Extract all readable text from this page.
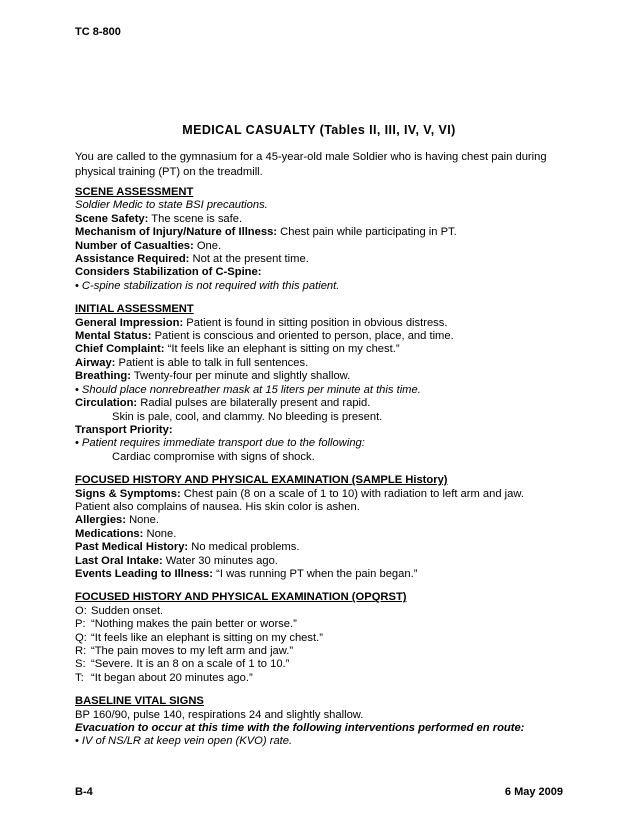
TC 8-800
MEDICAL CASUALTY (Tables II, III, IV, V, VI)
You are called to the gymnasium for a 45-year-old male Soldier who is having chest pain during physical training (PT) on the treadmill.
SCENE ASSESSMENT
Soldier Medic to state BSI precautions.
Scene Safety: The scene is safe.
Mechanism of Injury/Nature of Illness: Chest pain while participating in PT.
Number of Casualties: One.
Assistance Required: Not at the present time.
Considers Stabilization of C-Spine:
• C-spine stabilization is not required with this patient.
INITIAL ASSESSMENT
General Impression: Patient is found in sitting position in obvious distress.
Mental Status: Patient is conscious and oriented to person, place, and time.
Chief Complaint: “It feels like an elephant is sitting on my chest.”
Airway: Patient is able to talk in full sentences.
Breathing: Twenty-four per minute and slightly shallow.
• Should place nonrebreather mask at 15 liters per minute at this time.
Circulation: Radial pulses are bilaterally present and rapid.
Skin is pale, cool, and clammy. No bleeding is present.
Transport Priority:
• Patient requires immediate transport due to the following:
Cardiac compromise with signs of shock.
FOCUSED HISTORY AND PHYSICAL EXAMINATION (SAMPLE History)
Signs & Symptoms: Chest pain (8 on a scale of 1 to 10) with radiation to left arm and jaw.
Patient also complains of nausea. His skin color is ashen.
Allergies: None.
Medications: None.
Past Medical History: No medical problems.
Last Oral Intake: Water 30 minutes ago.
Events Leading to Illness: “I was running PT when the pain began.”
FOCUSED HISTORY AND PHYSICAL EXAMINATION (OPQRST)
O: Sudden onset.
P: “Nothing makes the pain better or worse.”
Q: “It feels like an elephant is sitting on my chest.”
R: “The pain moves to my left arm and jaw.”
S: “Severe. It is an 8 on a scale of 1 to 10.”
T: “It began about 20 minutes ago.”
BASELINE VITAL SIGNS
BP 160/90, pulse 140, respirations 24 and slightly shallow.
Evacuation to occur at this time with the following interventions performed en route:
• IV of NS/LR at keep vein open (KVO) rate.
B-4	6 May 2009
